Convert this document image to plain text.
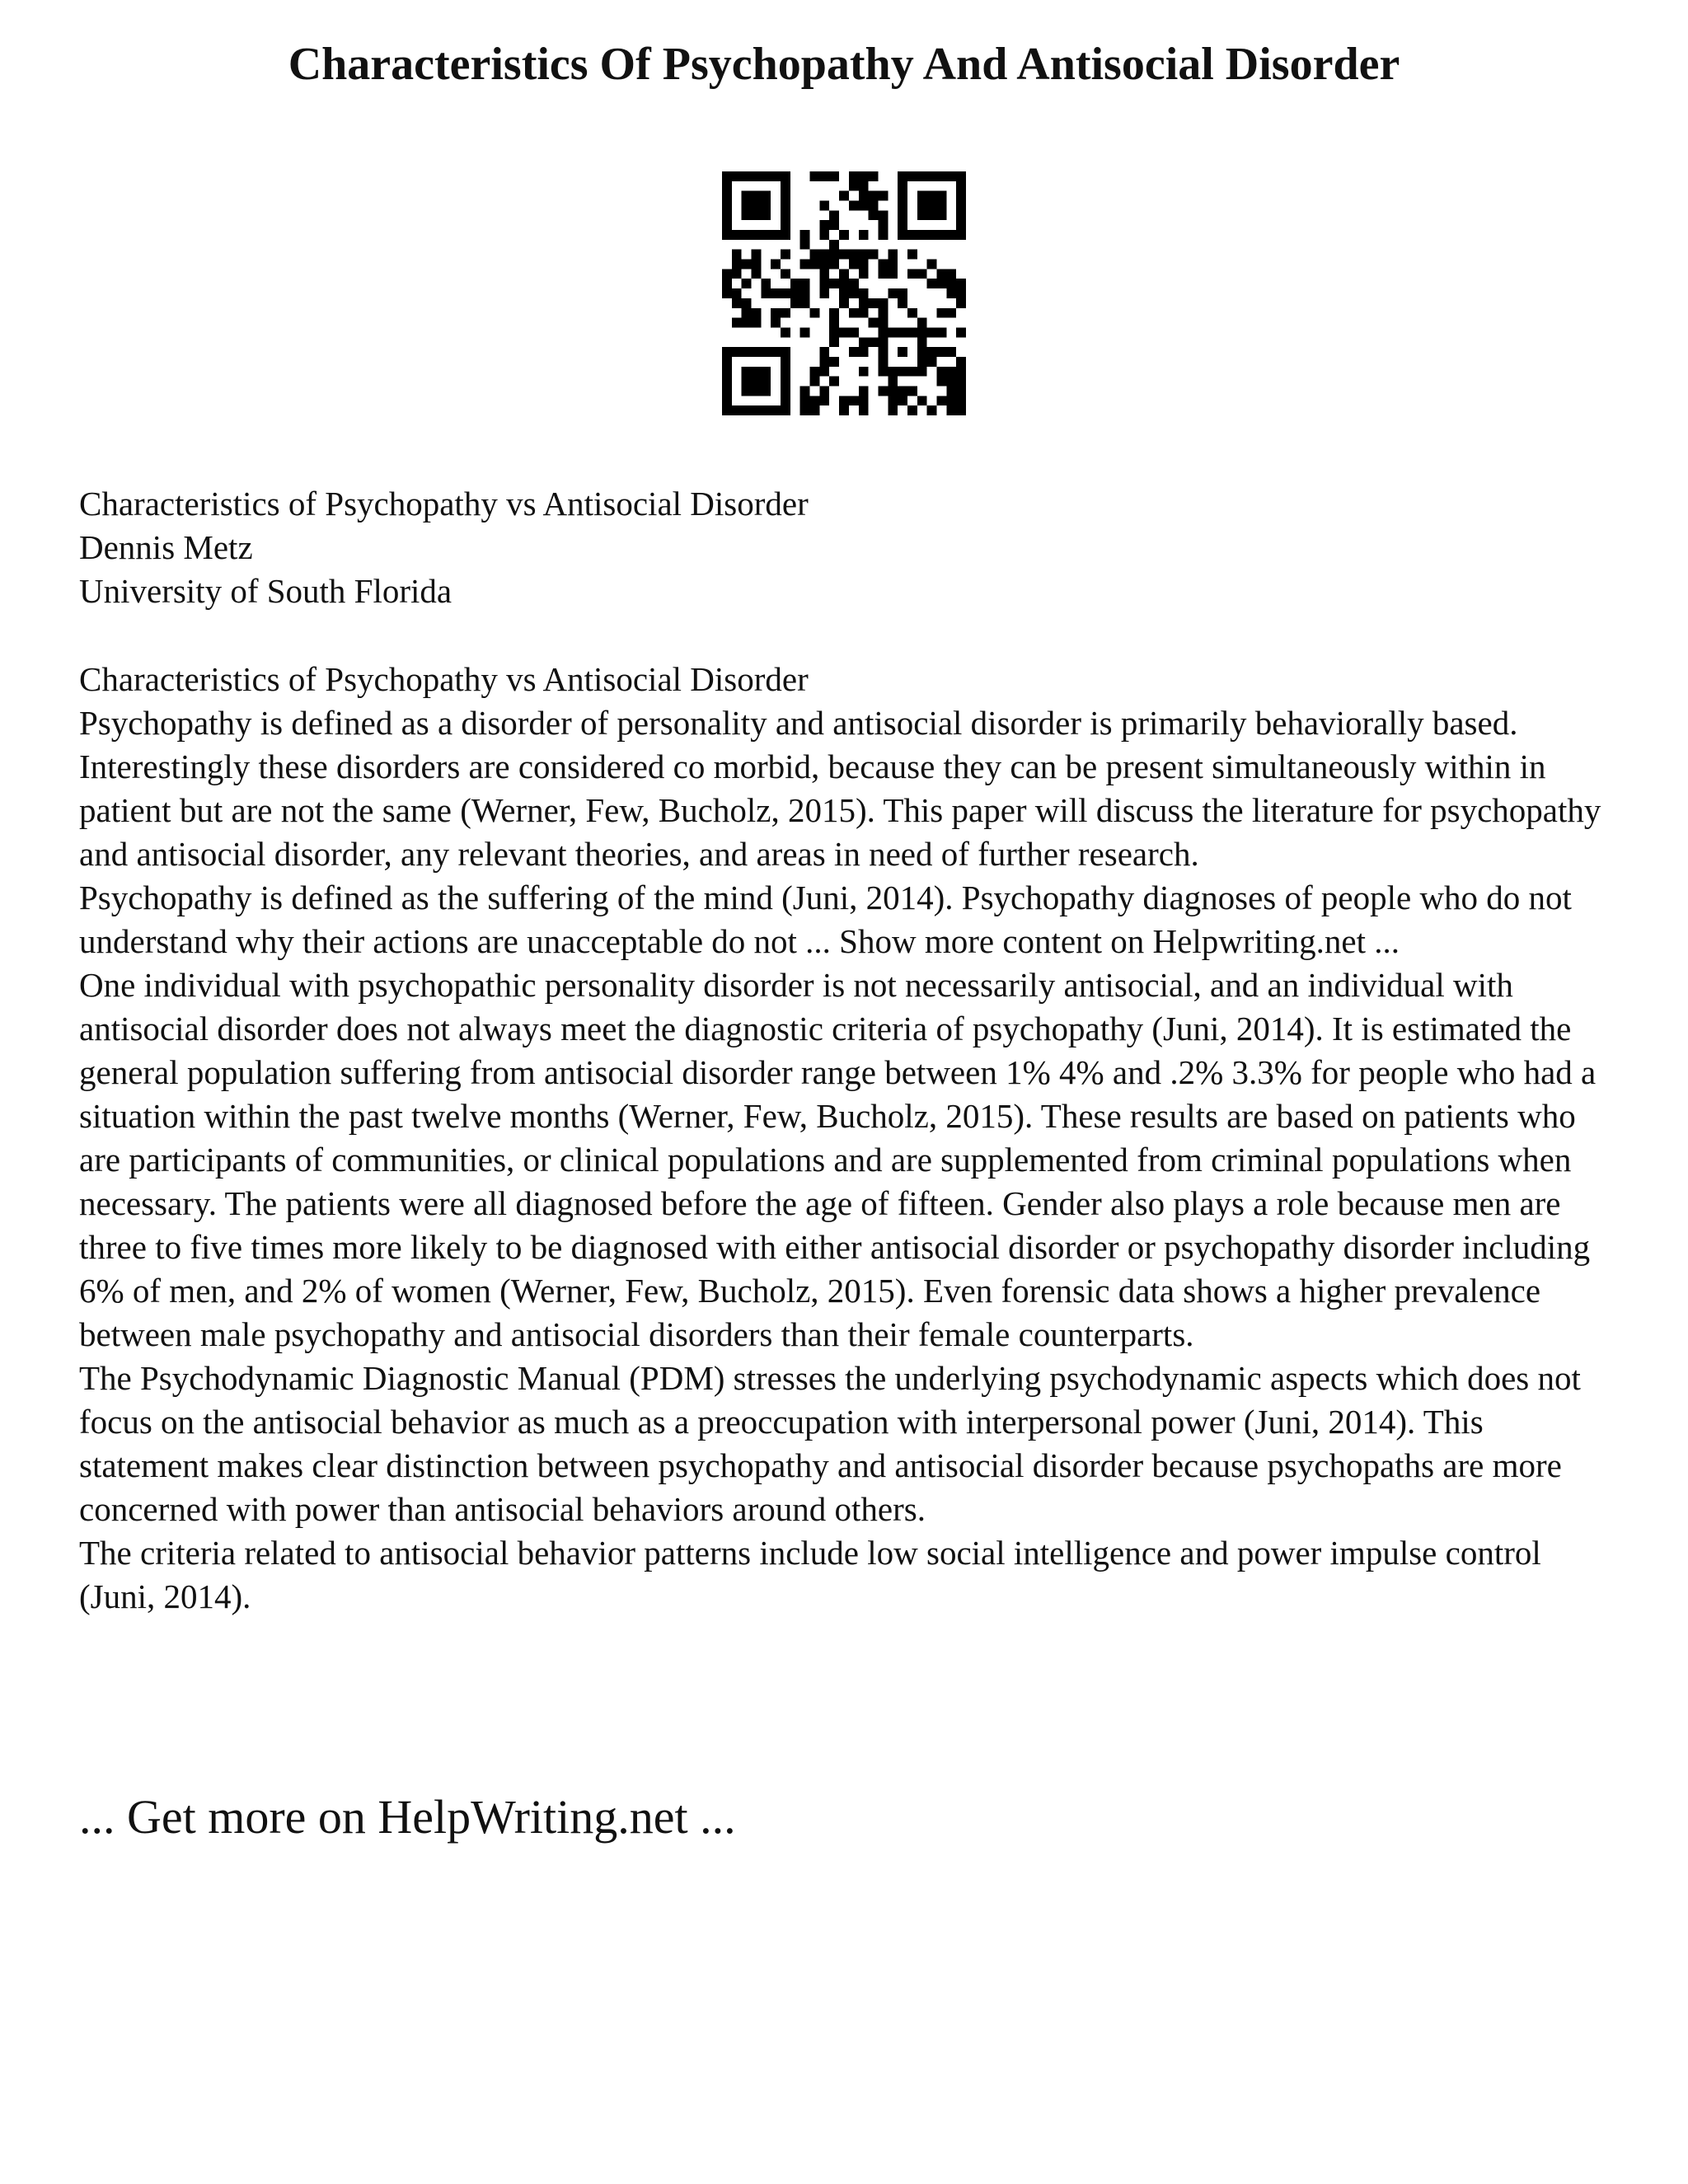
Characteristics Of Psychopathy And Antisocial Disorder
Characteristics of Psychopathy vs Antisocial Disorder
Dennis Metz
University of South Florida

Characteristics of Psychopathy vs Antisocial Disorder

Psychopathy is defined as a disorder of personality and antisocial disorder is primarily behaviorally based. Interestingly these disorders are considered co morbid, because they can be present simultaneously within in patient but are not the same (Werner, Few, Bucholz, 2015). This paper will discuss the literature for psychopathy and antisocial disorder, any relevant theories, and areas in need of further research.

Psychopathy is defined as the suffering of the mind (Juni, 2014). Psychopathy diagnoses of people who do not understand why their actions are unacceptable do not ... Show more content on Helpwriting.net ...

One individual with psychopathic personality disorder is not necessarily antisocial, and an individual with antisocial disorder does not always meet the diagnostic criteria of psychopathy (Juni, 2014). It is estimated the general population suffering from antisocial disorder range between 1% 4% and .2% 3.3% for people who had a situation within the past twelve months (Werner, Few, Bucholz, 2015). These results are based on patients who are participants of communities, or clinical populations and are supplemented from criminal populations when necessary. The patients were all diagnosed before the age of fifteen. Gender also plays a role because men are three to five times more likely to be diagnosed with either antisocial disorder or psychopathy disorder including 6% of men, and 2% of women (Werner, Few, Bucholz, 2015). Even forensic data shows a higher prevalence between male psychopathy and antisocial disorders than their female counterparts.

The Psychodynamic Diagnostic Manual (PDM) stresses the underlying psychodynamic aspects which does not focus on the antisocial behavior as much as a preoccupation with interpersonal power (Juni, 2014). This statement makes clear distinction between psychopathy and antisocial disorder because psychopaths are more concerned with power than antisocial behaviors around others.

The criteria related to antisocial behavior patterns include low social intelligence and power impulse control (Juni, 2014).

... Get more on HelpWriting.net ...
